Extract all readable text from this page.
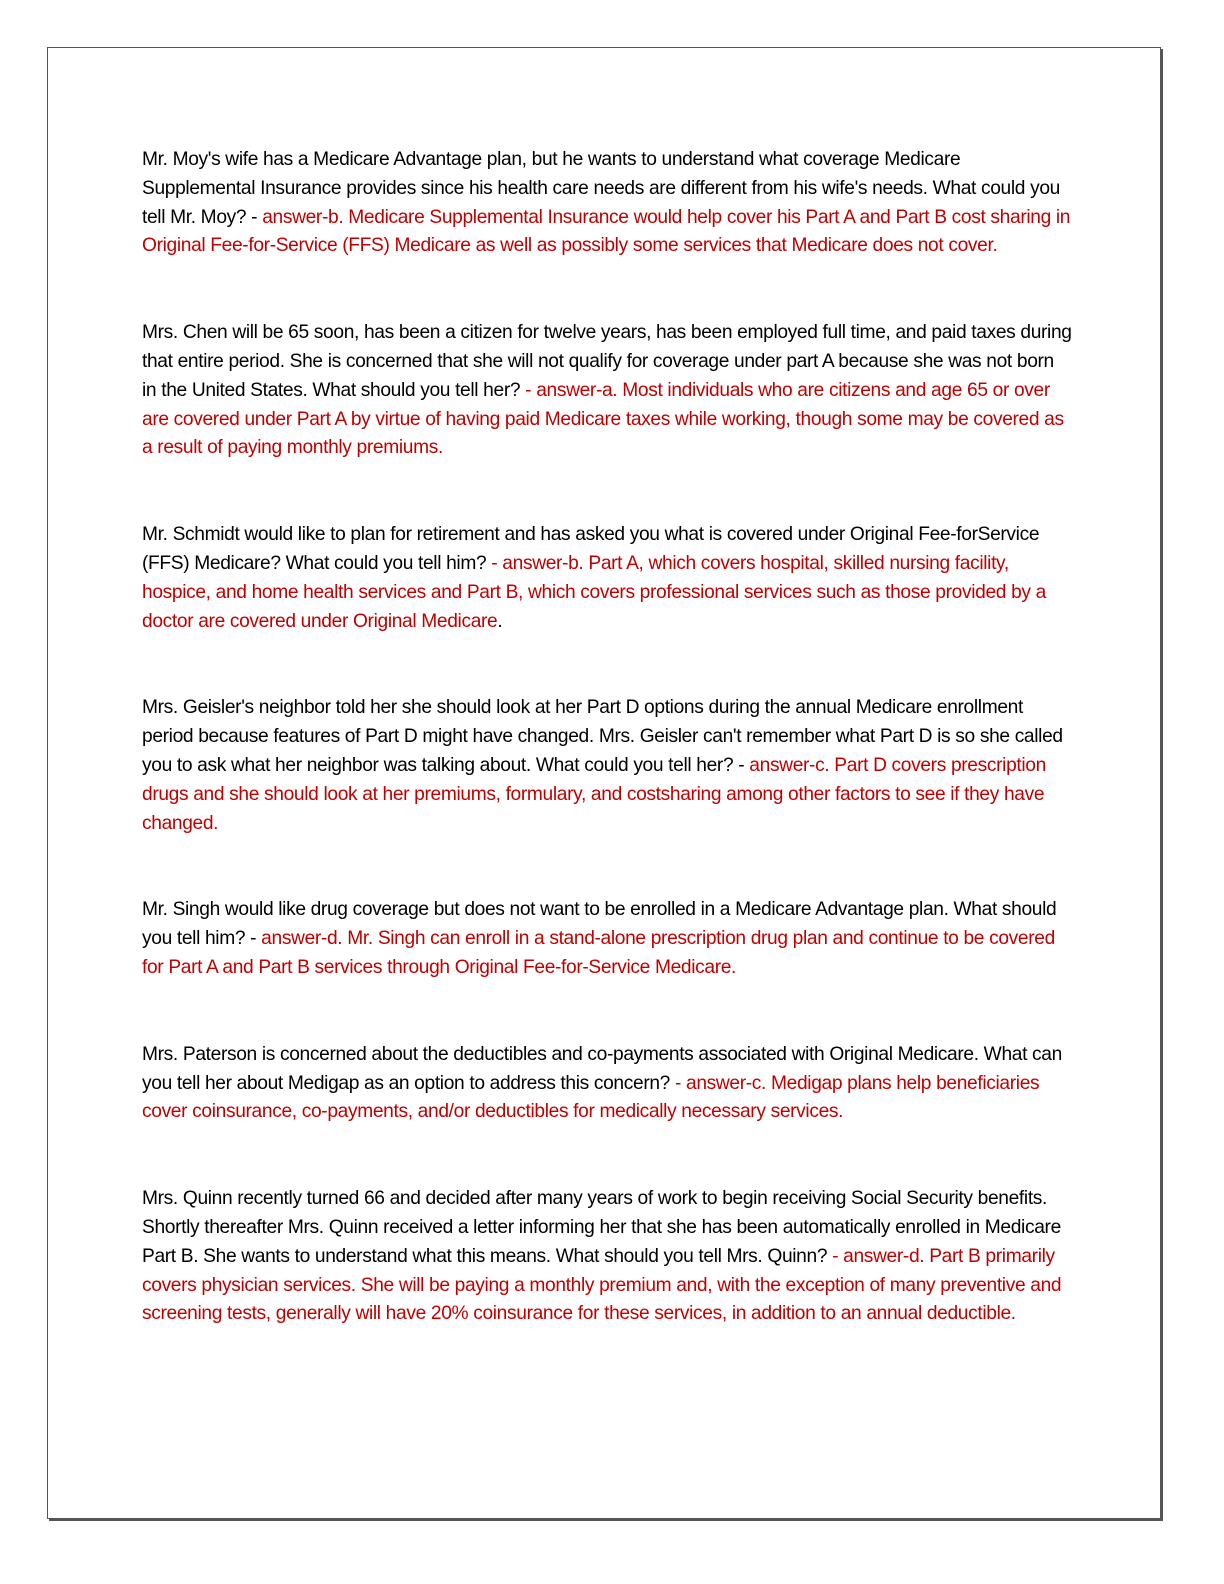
Mr. Moy's wife has a Medicare Advantage plan, but he wants to understand what coverage Medicare Supplemental Insurance provides since his health care needs are different from his wife's needs. What could you tell Mr. Moy? - answer-b. Medicare Supplemental Insurance would help cover his Part A and Part B cost sharing in Original Fee-for-Service (FFS) Medicare as well as possibly some services that Medicare does not cover.

Mrs. Chen will be 65 soon, has been a citizen for twelve years, has been employed full time, and paid taxes during that entire period. She is concerned that she will not qualify for coverage under part A because she was not born in the United States. What should you tell her? - answer-a. Most individuals who are citizens and age 65 or over are covered under Part A by virtue of having paid Medicare taxes while working, though some may be covered as a result of paying monthly premiums.

Mr. Schmidt would like to plan for retirement and has asked you what is covered under Original Fee-forService (FFS) Medicare? What could you tell him? - answer-b. Part A, which covers hospital, skilled nursing facility, hospice, and home health services and Part B, which covers professional services such as those provided by a doctor are covered under Original Medicare.

Mrs. Geisler's neighbor told her she should look at her Part D options during the annual Medicare enrollment period because features of Part D might have changed. Mrs. Geisler can't remember what Part D is so she called you to ask what her neighbor was talking about. What could you tell her? - answer-c. Part D covers prescription drugs and she should look at her premiums, formulary, and costsharing among other factors to see if they have changed.

Mr. Singh would like drug coverage but does not want to be enrolled in a Medicare Advantage plan. What should you tell him? - answer-d. Mr. Singh can enroll in a stand-alone prescription drug plan and continue to be covered for Part A and Part B services through Original Fee-for-Service Medicare.

Mrs. Paterson is concerned about the deductibles and co-payments associated with Original Medicare. What can you tell her about Medigap as an option to address this concern? - answer-c. Medigap plans help beneficiaries cover coinsurance, co-payments, and/or deductibles for medically necessary services.

Mrs. Quinn recently turned 66 and decided after many years of work to begin receiving Social Security benefits. Shortly thereafter Mrs. Quinn received a letter informing her that she has been automatically enrolled in Medicare Part B. She wants to understand what this means. What should you tell Mrs. Quinn? - answer-d. Part B primarily covers physician services. She will be paying a monthly premium and, with the exception of many preventive and screening tests, generally will have 20% coinsurance for these services, in addition to an annual deductible.
